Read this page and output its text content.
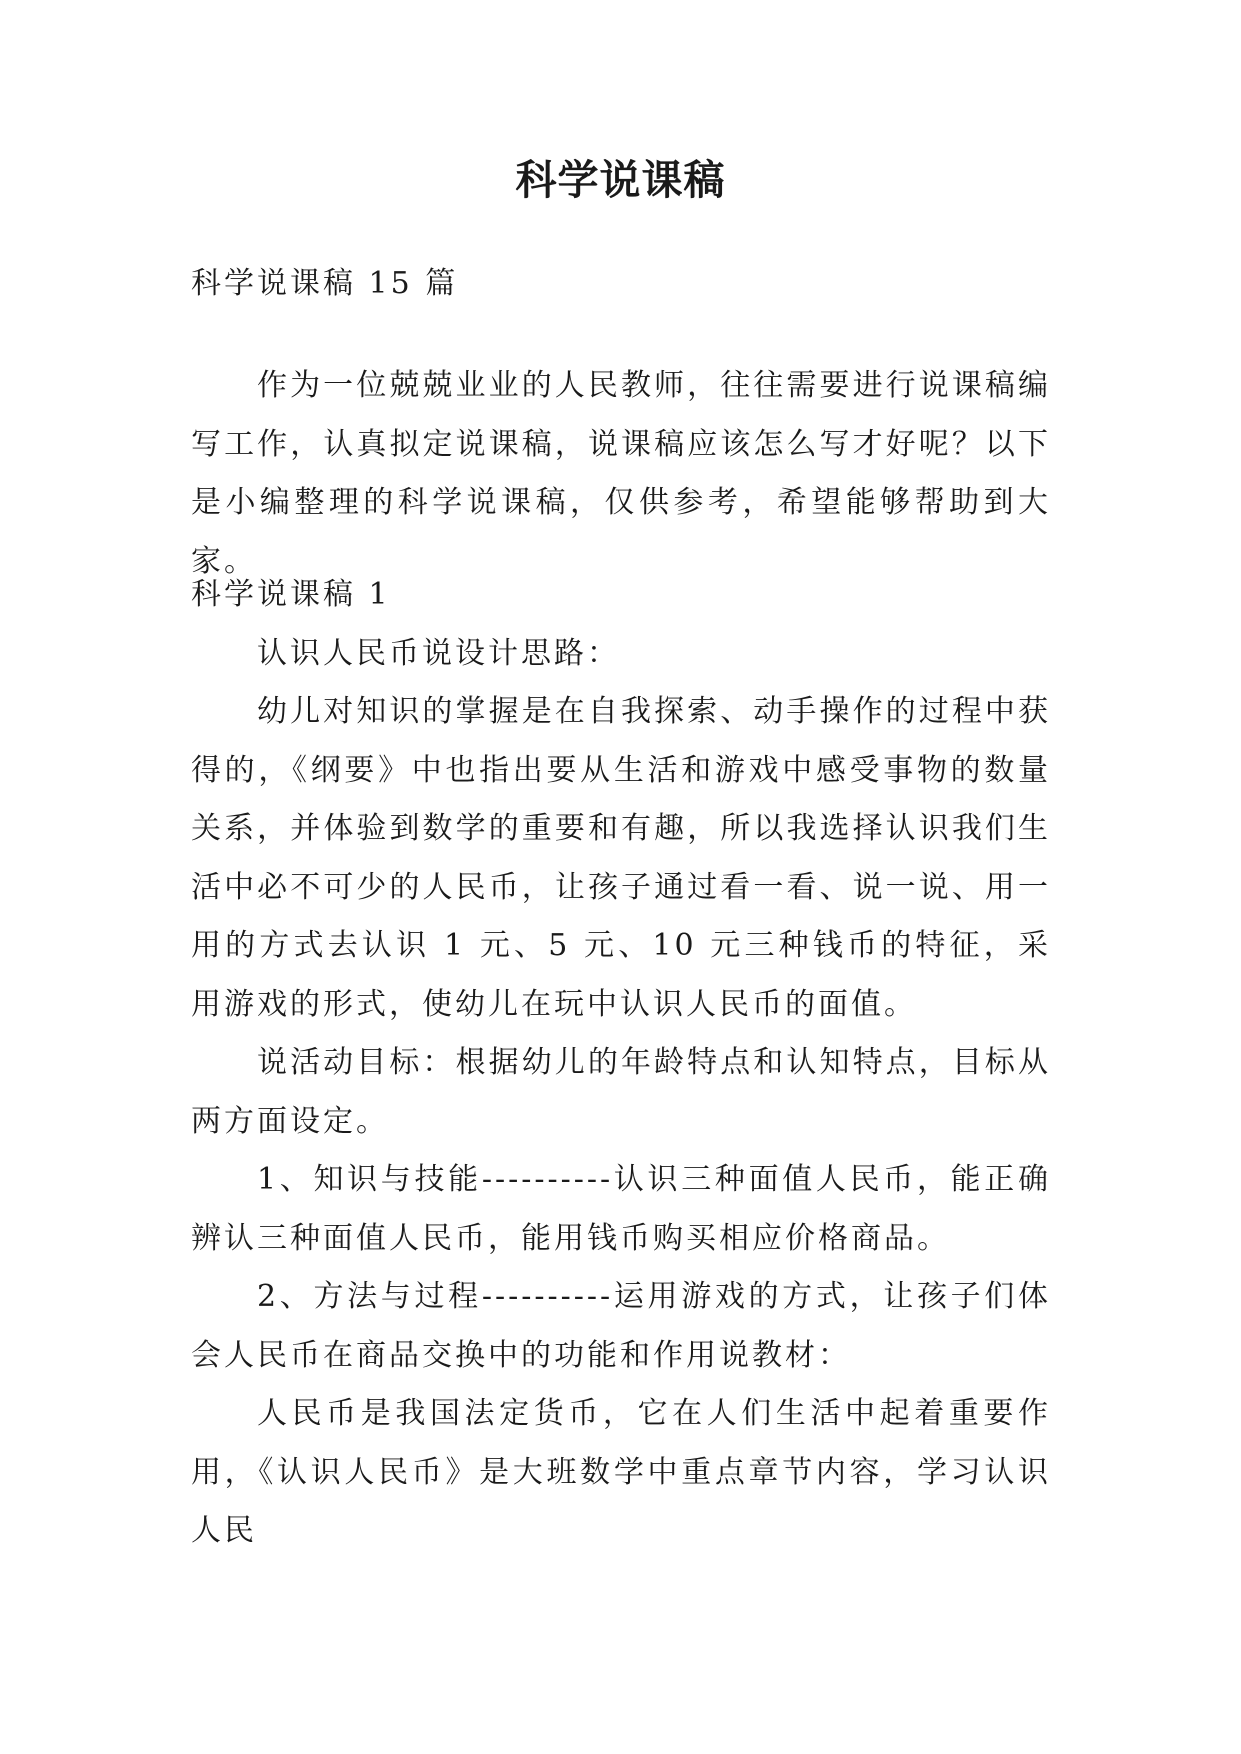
科学说课稿

科学说课稿 15 篇

作为一位兢兢业业的人民教师，往往需要进行说课稿编写工作，认真拟定说课稿，说课稿应该怎么写才好呢？以下是小编整理的科学说课稿，仅供参考，希望能够帮助到大家。

科学说课稿 1

认识人民币说设计思路：

幼儿对知识的掌握是在自我探索、动手操作的过程中获得的，《纲要》中也指出要从生活和游戏中感受事物的数量关系，并体验到数学的重要和有趣，所以我选择认识我们生活中必不可少的人民币，让孩子通过看一看、说一说、用一用的方式去认识 1 元、5 元、10 元三种钱币的特征，采用游戏的形式，使幼儿在玩中认识人民币的面值。

说活动目标：根据幼儿的年龄特点和认知特点，目标从两方面设定。

1、知识与技能----------认识三种面值人民币，能正确辨认三种面值人民币，能用钱币购买相应价格商品。

2、方法与过程----------运用游戏的方式，让孩子们体会人民币在商品交换中的功能和作用说教材：

人民币是我国法定货币，它在人们生活中起着重要作用，《认识人民币》是大班数学中重点章节内容，学习认识人民
